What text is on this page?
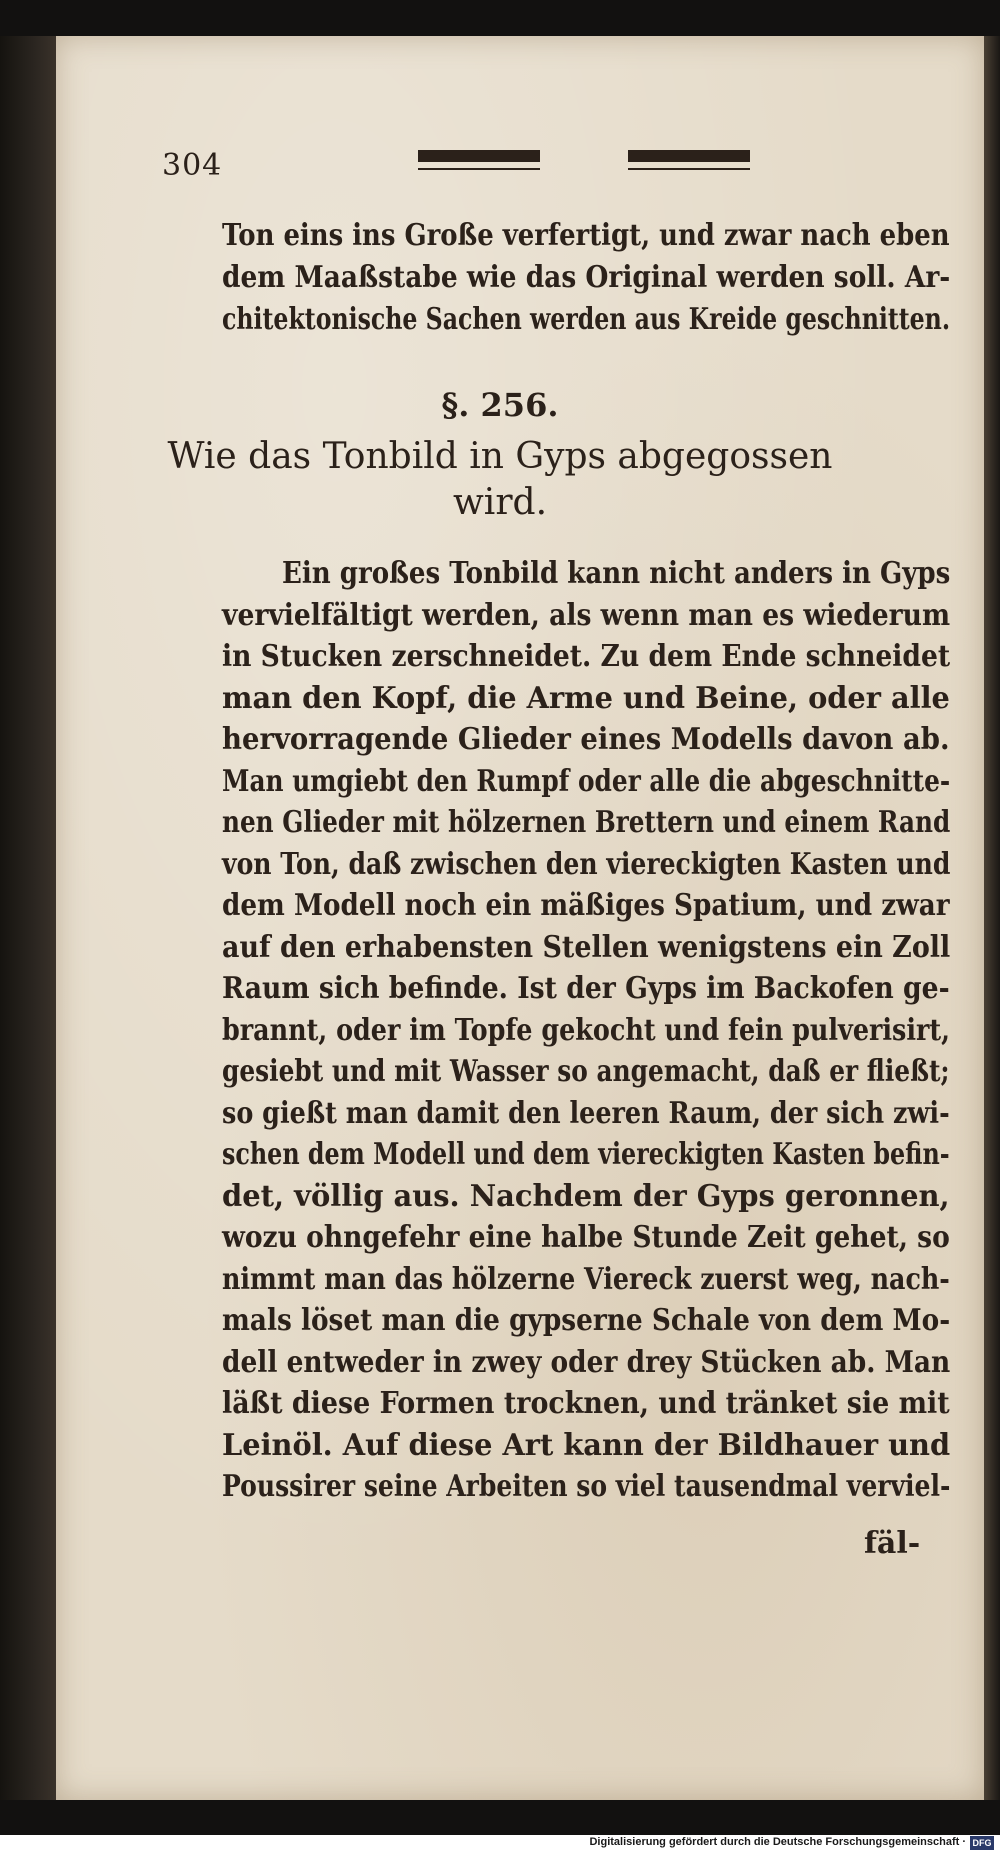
304
Ton eins ins Große verfertigt, und zwar nach eben
dem Maaßstabe wie das Original werden soll. Ar-
chitektonische Sachen werden aus Kreide geschnitten.
§. 256.
Wie das Tonbild in Gyps abgegossen
wird.
Ein großes Tonbild kann nicht anders in Gyps
vervielfältigt werden, als wenn man es wiederum
in Stucken zerschneidet. Zu dem Ende schneidet
man den Kopf, die Arme und Beine, oder alle
hervorragende Glieder eines Modells davon ab.
Man umgiebt den Rumpf oder alle die abgeschnitte-
nen Glieder mit hölzernen Brettern und einem Rand
von Ton, daß zwischen den viereckigten Kasten und
dem Modell noch ein mäßiges Spatium, und zwar
auf den erhabensten Stellen wenigstens ein Zoll
Raum sich befinde. Ist der Gyps im Backofen ge-
brannt, oder im Topfe gekocht und fein pulverisirt,
gesiebt und mit Wasser so angemacht, daß er fließt;
so gießt man damit den leeren Raum, der sich zwi-
schen dem Modell und dem viereckigten Kasten befin-
det, völlig aus. Nachdem der Gyps geronnen,
wozu ohngefehr eine halbe Stunde Zeit gehet, so
nimmt man das hölzerne Viereck zuerst weg, nach-
mals löset man die gypserne Schale von dem Mo-
dell entweder in zwey oder drey Stücken ab. Man
läßt diese Formen trocknen, und tränket sie mit
Leinöl. Auf diese Art kann der Bildhauer und
Poussirer seine Arbeiten so viel tausendmal verviel-
fäl-
Digitalisierung gefördert durch die Deutsche Forschungsgemeinschaft · DFG
